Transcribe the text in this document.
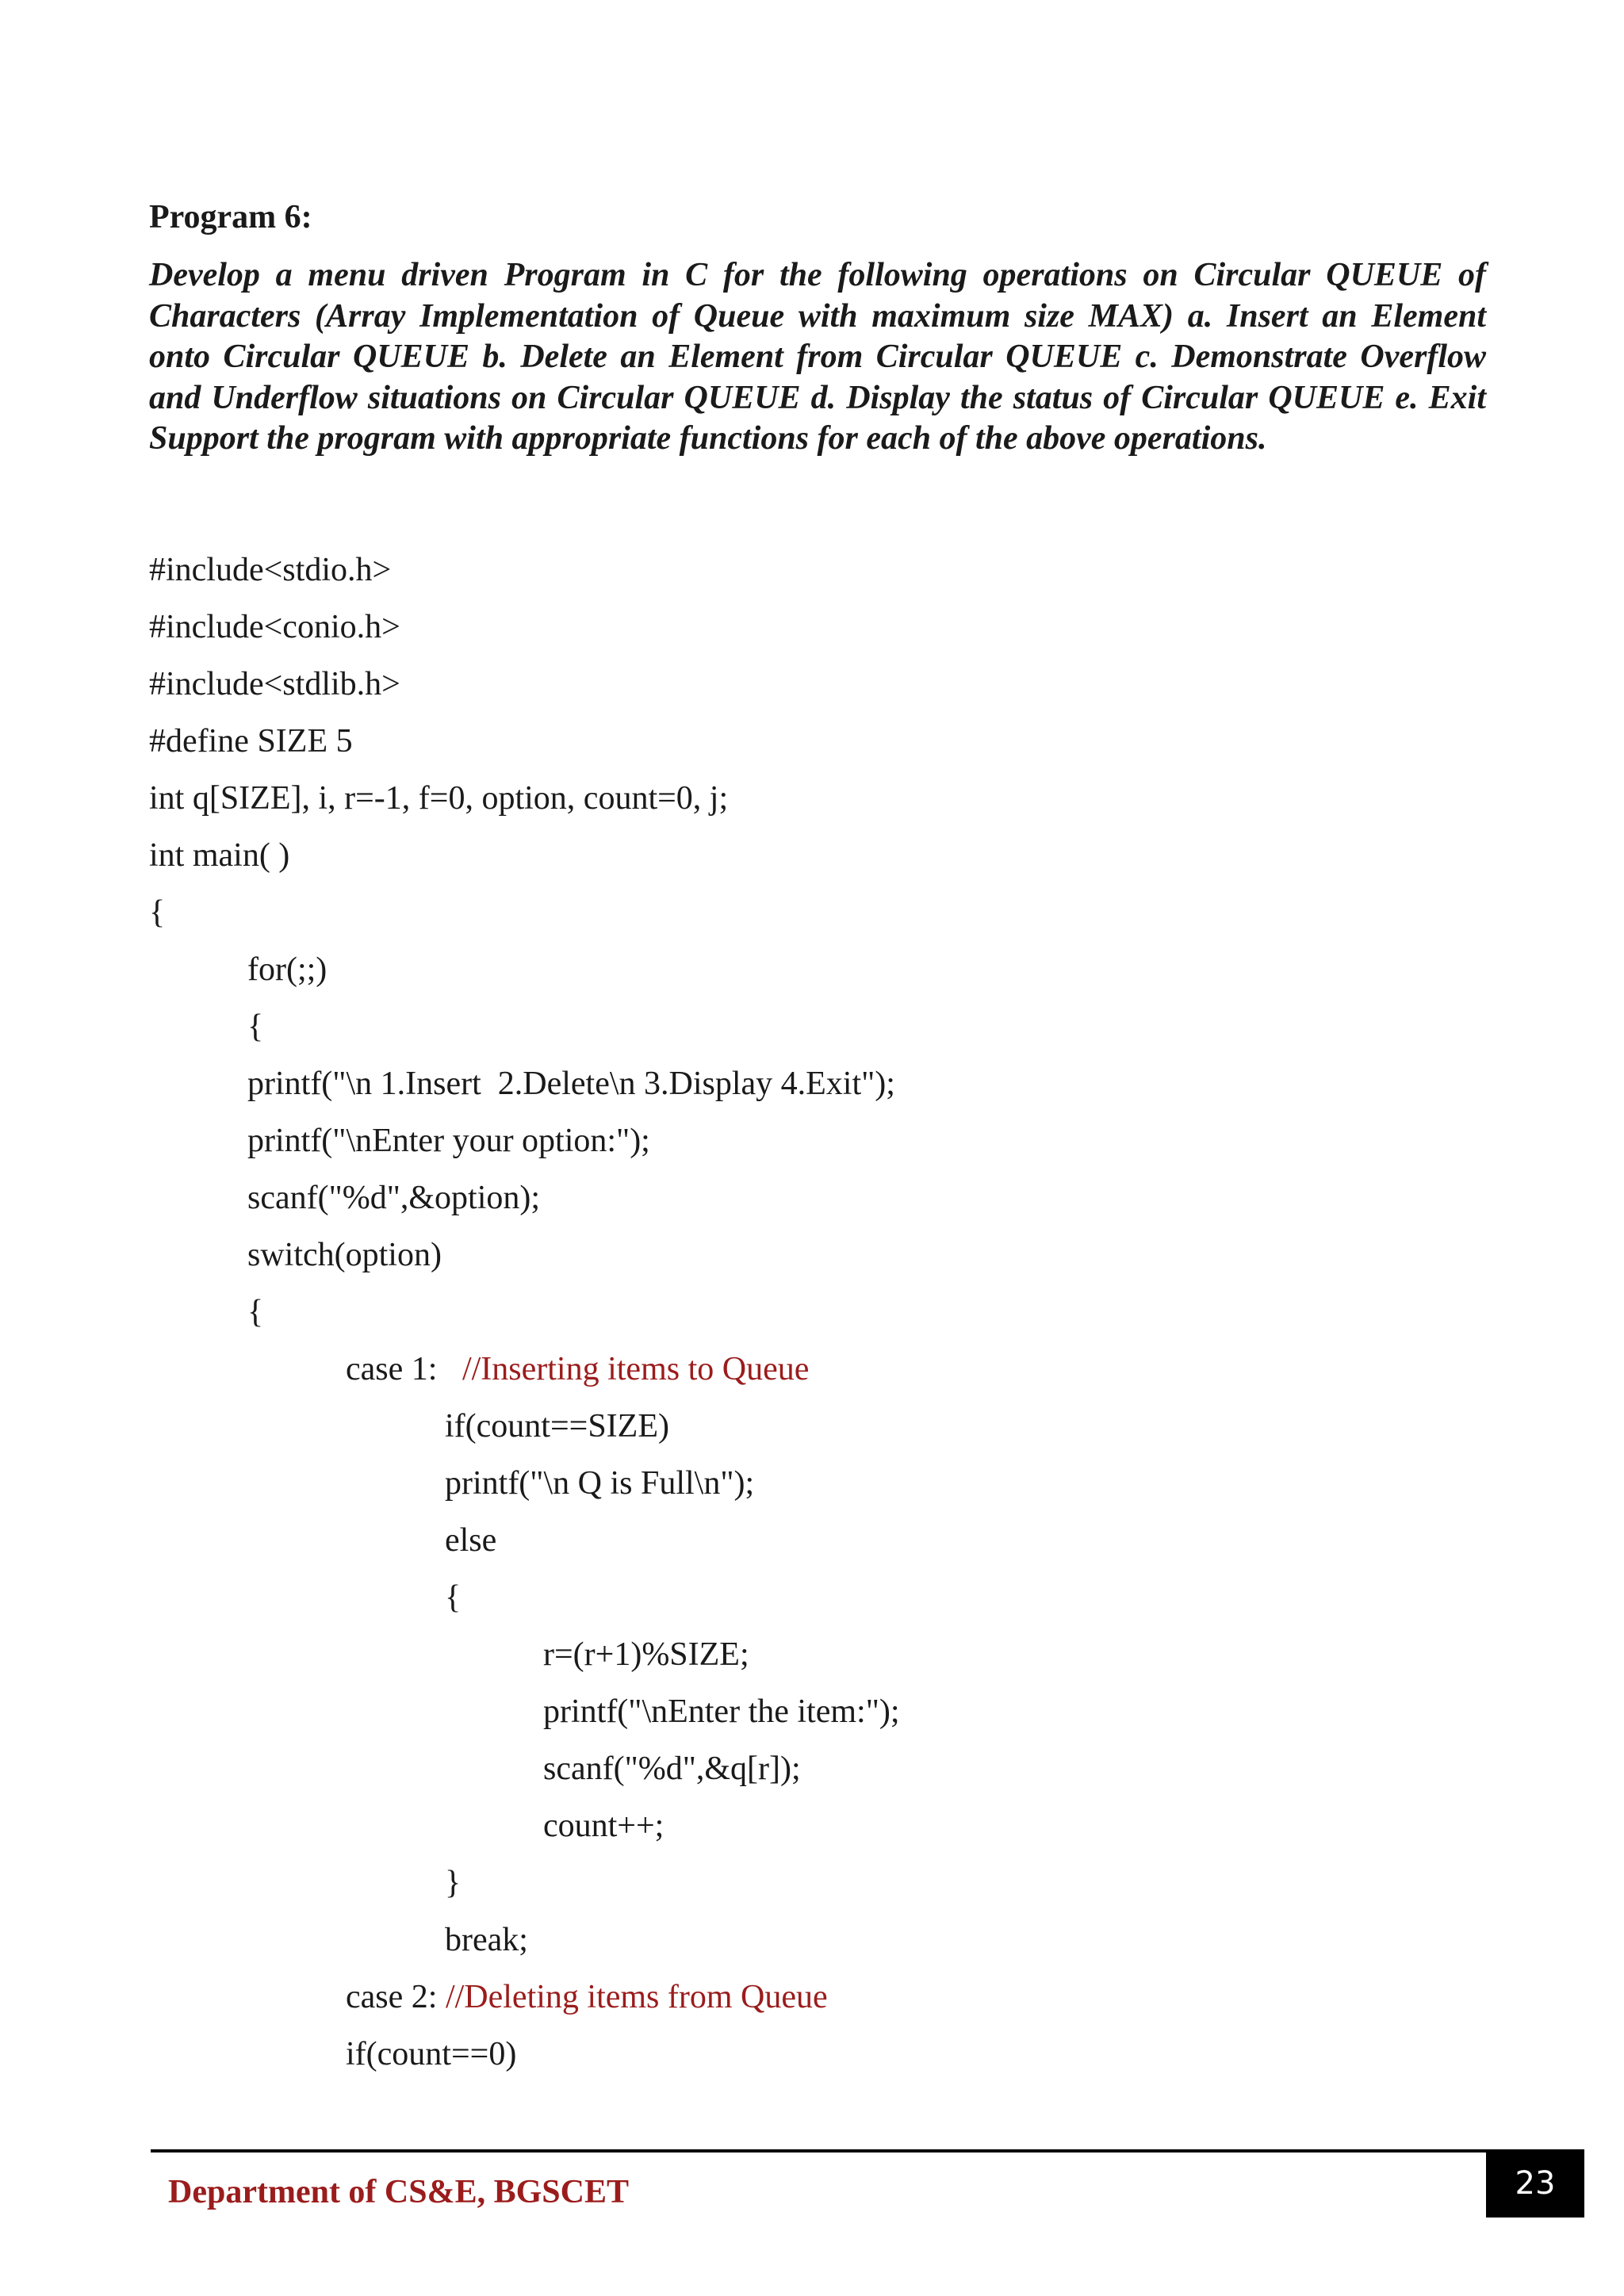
Program 6:
Develop a menu driven Program in C for the following operations on Circular QUEUE of Characters (Array Implementation of Queue with maximum size MAX) a. Insert an Element onto Circular QUEUE b. Delete an Element from Circular QUEUE c. Demonstrate Overflow and Underflow situations on Circular QUEUE d. Display the status of Circular QUEUE e. Exit Support the program with appropriate functions for each of the above operations.
#include<stdio.h>
#include<conio.h>
#include<stdlib.h>
#define SIZE 5
int q[SIZE], i, r=-1, f=0, option, count=0, j;
int main( )
{
for(;;)
{
printf("\n 1.Insert  2.Delete\n 3.Display 4.Exit");
printf("\nEnter your option:");
scanf("%d",&option);
switch(option)
{
case 1:   //Inserting items to Queue
if(count==SIZE)
printf("\n Q is Full\n");
else
{
r=(r+1)%SIZE;
printf("\nEnter the item:");
scanf("%d",&q[r]);
count++;
}
break;
case 2: //Deleting items from Queue
if(count==0)
Department of CS&E, BGSCET	23
